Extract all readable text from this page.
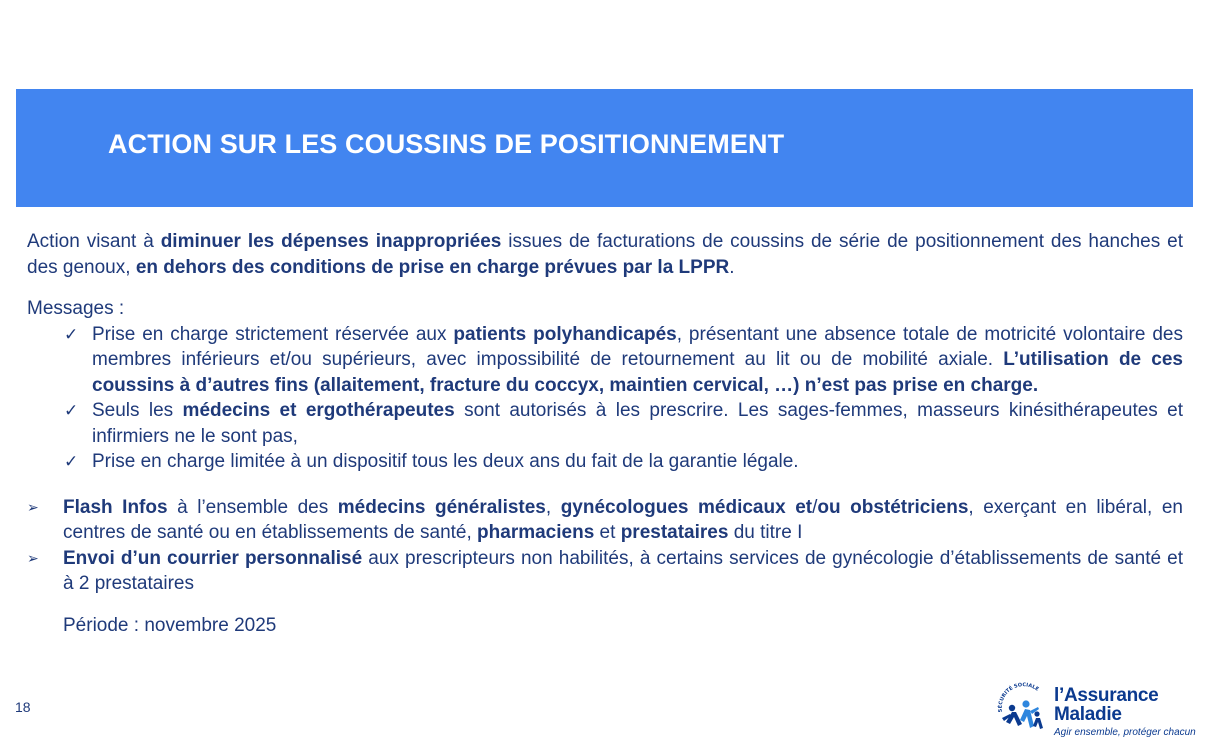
ACTION SUR LES COUSSINS DE POSITIONNEMENT

Action visant à diminuer les dépenses inappropriées issues de facturations de coussins de série de positionnement des hanches et des genoux, en dehors des conditions de prise en charge prévues par la LPPR.

Messages :

✓ Prise en charge strictement réservée aux patients polyhandicapés, présentant une absence totale de motricité volontaire des membres inférieurs et/ou supérieurs, avec impossibilité de retournement au lit ou de mobilité axiale. L’utilisation de ces coussins à d’autres fins (allaitement, fracture du coccyx, maintien cervical, …) n’est pas prise en charge.
✓ Seuls les médecins et ergothérapeutes sont autorisés à les prescrire. Les sages-femmes, masseurs kinésithérapeutes et infirmiers ne le sont pas,
✓ Prise en charge limitée à un dispositif tous les deux ans du fait de la garantie légale.
➢ Flash Infos à l’ensemble des médecins généralistes, gynécologues médicaux et/ou obstétriciens, exerçant en libéral, en centres de santé ou en établissements de santé, pharmaciens et prestataires du titre I
➢ Envoi d’un courrier personnalisé aux prescripteurs non habilités, à certains services de gynécologie d’établissements de santé et à 2 prestataires

Période : novembre 2025

18	SÉCURITÉ SOCIALE l’Assurance
Maladie
Agir ensemble, protéger chacun
